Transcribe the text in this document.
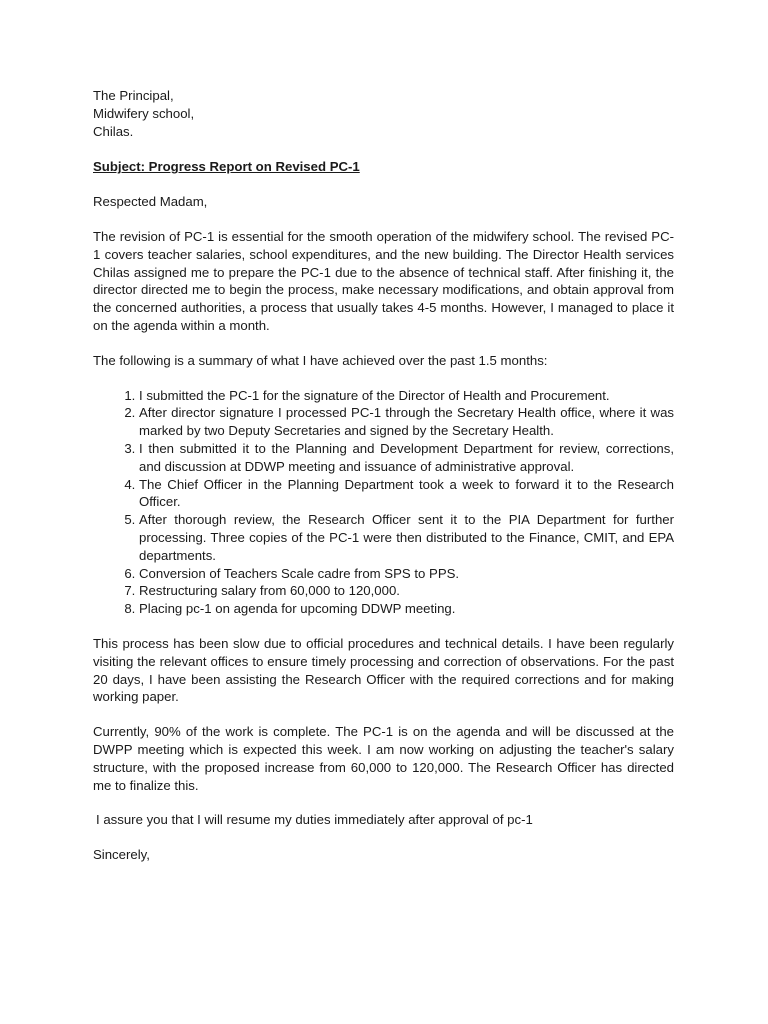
The Principal,

Midwifery school,

Chilas.

Subject: Progress Report on Revised PC-1

Respected Madam,

The revision of PC-1 is essential for the smooth operation of the midwifery school. The revised PC-1 covers teacher salaries, school expenditures, and the new building. The Director Health services Chilas assigned me to prepare the PC-1 due to the absence of technical staff. After finishing it, the director directed me to begin the process, make necessary modifications, and obtain approval from the concerned authorities, a process that usually takes 4-5 months. However, I managed to place it on the agenda within a month.

The following is a summary of what I have achieved over the past 1.5 months:

1. I submitted the PC-1 for the signature of the Director of Health and Procurement.
2. After director signature I processed PC-1 through the Secretary Health office, where it was marked by two Deputy Secretaries and signed by the Secretary Health.
3. I then submitted it to the Planning and Development Department for review, corrections, and discussion at DDWP meeting and issuance of administrative approval.
4. The Chief Officer in the Planning Department took a week to forward it to the Research Officer.
5. After thorough review, the Research Officer sent it to the PIA Department for further processing. Three copies of the PC-1 were then distributed to the Finance, CMIT, and EPA departments.
6. Conversion of Teachers Scale cadre from SPS to PPS.
7. Restructuring salary from 60,000 to 120,000.
8. Placing pc-1 on agenda for upcoming DDWP meeting.

This process has been slow due to official procedures and technical details. I have been regularly visiting the relevant offices to ensure timely processing and correction of observations. For the past 20 days, I have been assisting the Research Officer with the required corrections and for making working paper.

Currently, 90% of the work is complete. The PC-1 is on the agenda and will be discussed at the DWPP meeting which is expected this week. I am now working on adjusting the teacher's salary structure, with the proposed increase from 60,000 to 120,000. The Research Officer has directed me to finalize this.

I assure you that I will resume my duties immediately after approval of pc-1

Sincerely,
